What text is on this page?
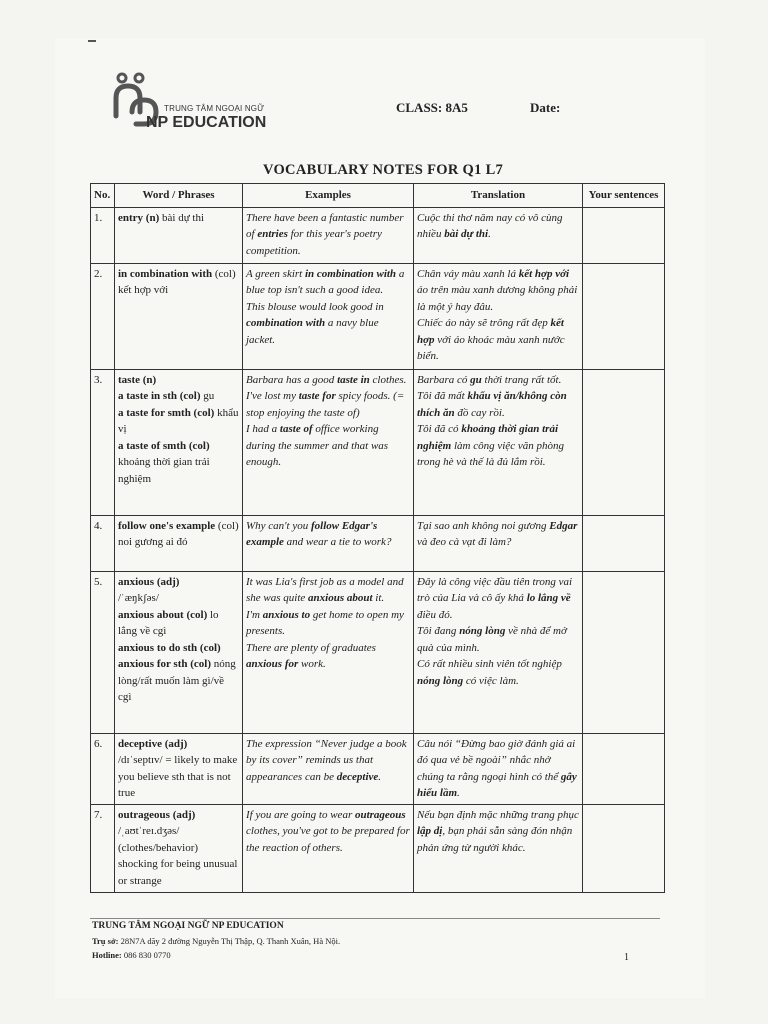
TRUNG TÂM NGOẠI NGỮ
NP EDUCATION
CLASS: 8A5	Date:
VOCABULARY NOTES FOR Q1 L7
No.	Word / Phrases	Examples	Translation	Your sentences
1.	entry (n) bài dự thi	There have been a fantastic number of entries for this year's poetry competition.	Cuộc thi thơ năm nay có vô cùng nhiều bài dự thi.	
2.	in combination with (col) kết hợp với	A green skirt in combination with a blue top isn't such a good idea.
This blouse would look good in combination with a navy blue jacket.	Chân váy màu xanh lá kết hợp với áo trên màu xanh dương không phải là một ý hay đâu.
Chiếc áo này sẽ trông rất đẹp kết hợp với áo khoác màu xanh nước biển.	
3.	taste (n)
a taste in sth (col) gu
a taste for smth (col) khẩu vị
a taste of smth (col) khoảng thời gian trải nghiệm	Barbara has a good taste in clothes.
I've lost my taste for spicy foods. (= stop enjoying the taste of)
I had a taste of office working during the summer and that was enough.	Barbara có gu thời trang rất tốt.
Tôi đã mất khẩu vị ăn/không còn thích ăn đồ cay rồi.
Tôi đã có khoảng thời gian trải nghiệm làm công việc văn phòng trong hè và thế là đủ lắm rồi.	
4.	follow one's example (col) noi gương ai đó	Why can't you follow Edgar's example and wear a tie to work?	Tại sao anh không noi gương Edgar và đeo cà vạt đi làm?	
5.	anxious (adj)
/ˈæŋkʃəs/
anxious about (col) lo lắng về cgì
anxious to do sth (col)
anxious for sth (col) nóng lòng/rất muốn làm gì/về cgì	It was Lia's first job as a model and she was quite anxious about it.
I'm anxious to get home to open my presents.
There are plenty of graduates anxious for work.	Đây là công việc đầu tiên trong vai trò của Lia và cô ấy khá lo lắng về điều đó.
Tôi đang nóng lòng về nhà để mở quà của mình.
Có rất nhiều sinh viên tốt nghiệp nóng lòng có việc làm.	
6.	deceptive (adj)
/dɪˈseptɪv/ = likely to make you believe sth that is not true	The expression “Never judge a book by its cover” reminds us that appearances can be deceptive.	Câu nói “Đừng bao giờ đánh giá ai đó qua vẻ bề ngoài” nhắc nhở chúng ta rằng ngoại hình có thể gây hiểu lầm.	
7.	outrageous (adj)
/ˌaʊtˈreɪ.dʒəs/
(clothes/behavior) shocking for being unusual or strange	If you are going to wear outrageous clothes, you've got to be prepared for the reaction of others.	Nếu bạn định mặc những trang phục lập dị, bạn phải sẵn sàng đón nhận phản ứng từ người khác.	
TRUNG TÂM NGOẠI NGỮ NP EDUCATION
Trụ sở: 28N7A dãy 2 đường Nguyễn Thị Thập, Q. Thanh Xuân, Hà Nội.
Hotline: 086 830 0770	1
